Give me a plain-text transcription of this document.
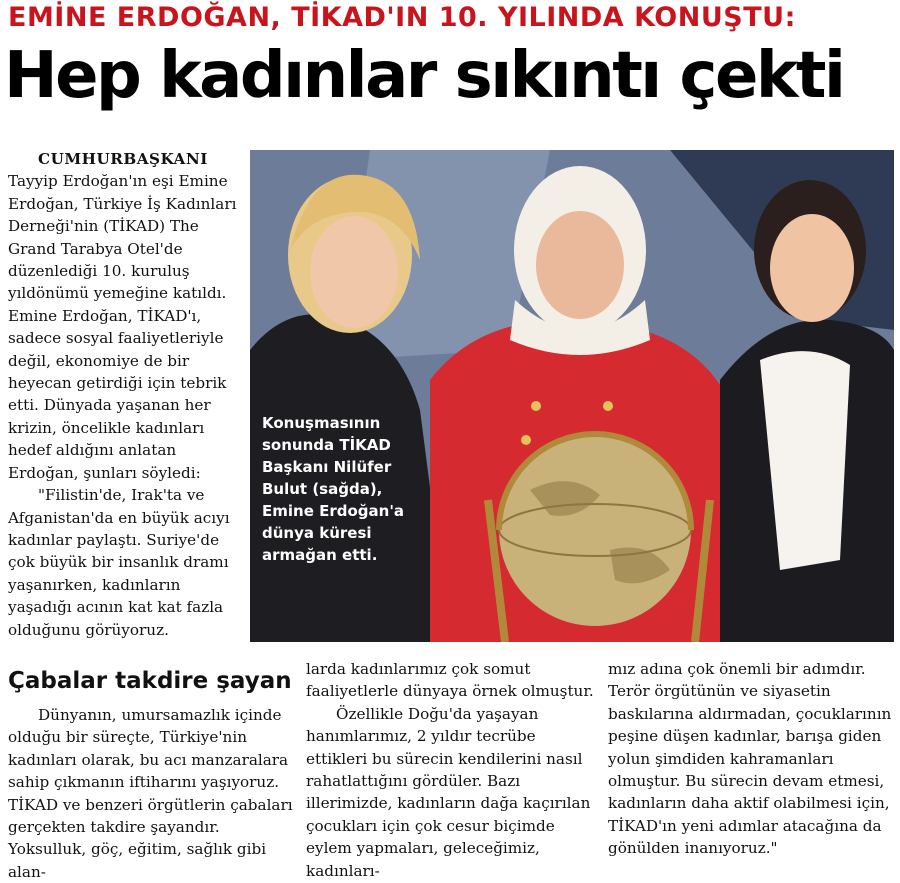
EMİNE ERDOĞAN, TİKAD'IN 10. YILINDA KONUŞTU:
Hep kadınlar sıkıntı çekti
CUMHURBAŞKANI

Tayyip Erdoğan'ın eşi Emine Erdoğan, Türkiye İş Kadınları Derneği'nin (TİKAD) The Grand Tarabya Otel'de düzenlediği 10. kuruluş yıldönümü yemeğine katıldı. Emine Erdoğan, TİKAD'ı, sadece sosyal faaliyetleriyle değil, ekonomiye de bir heyecan getirdiği için tebrik etti. Dünyada yaşanan her krizin, öncelikle kadınları hedef aldığını anlatan Erdoğan, şunları söyledi:

"Filistin'de, Irak'ta ve Afganistan'da en büyük acıyı kadınlar paylaştı. Suriye'de çok büyük bir insanlık dramı yaşanırken, kadınların yaşadığı acının kat kat fazla olduğunu görüyoruz.

Konuşmasının sonunda TİKAD Başkanı Nilüfer Bulut (sağda), Emine Erdoğan'a dünya küresi armağan etti.
Çabalar takdire şayan

Dünyanın, umursamazlık içinde olduğu bir süreçte, Türkiye'nin kadınları olarak, bu acı manzaralara sahip çıkmanın iftiharını yaşıyoruz. TİKAD ve benzeri örgütlerin çabaları gerçekten takdire şayandır. Yoksulluk, göç, eğitim, sağlık gibi alan-

larda kadınlarımız çok somut faaliyetlerle dünyaya örnek olmuştur.

Özellikle Doğu'da yaşayan hanımlarımız, 2 yıldır tecrübe ettikleri bu sürecin kendilerini nasıl rahatlattığını gördüler. Bazı illerimizde, kadınların dağa kaçırılan çocukları için çok cesur biçimde eylem yapmaları, geleceğimiz, kadınları-

mız adına çok önemli bir adımdır. Terör örgütünün ve siyasetin baskılarına aldırmadan, çocuklarının peşine düşen kadınlar, barışa giden yolun şimdiden kahramanları olmuştur. Bu sürecin devam etmesi, kadınların daha aktif olabilmesi için, TİKAD'ın yeni adımlar atacağına da gönülden inanıyoruz."
